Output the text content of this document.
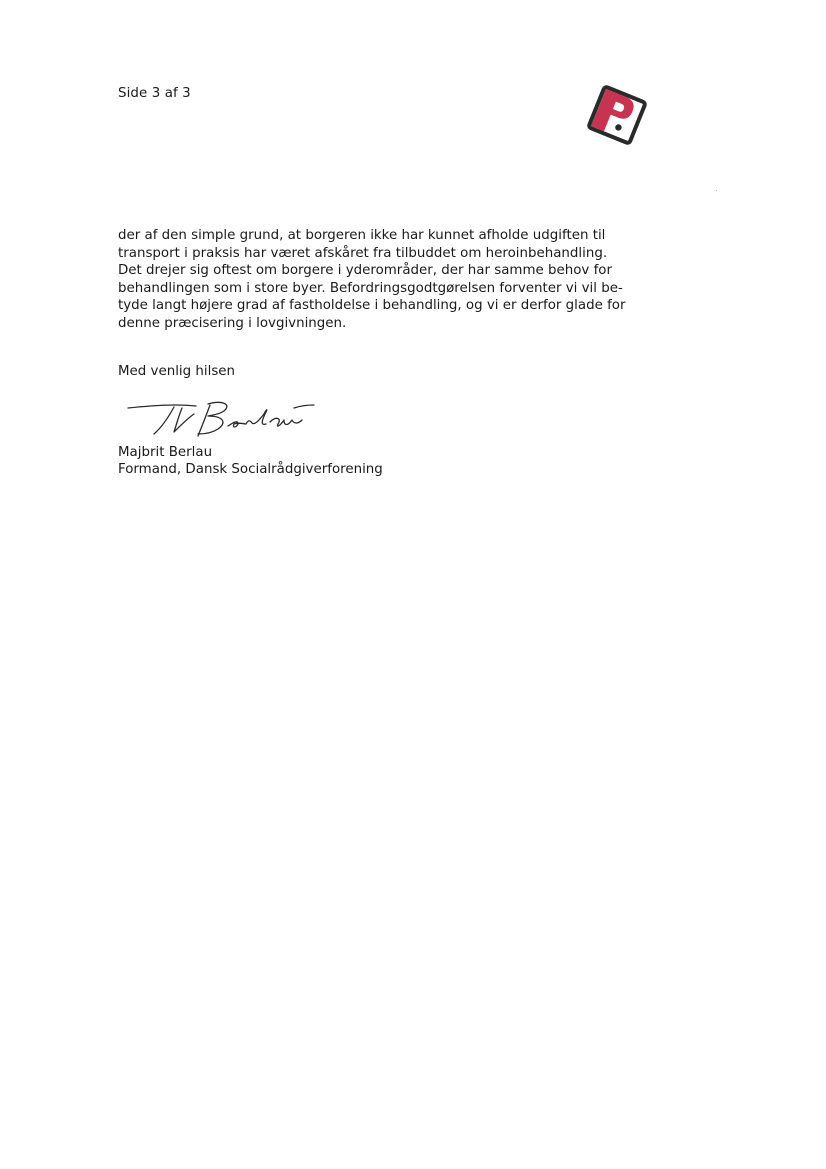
Side 3 af 3
der af den simple grund, at borgeren ikke har kunnet afholde udgiften til
transport i praksis har været afskåret fra tilbuddet om heroinbehandling.
Det drejer sig oftest om borgere i yderområder, der har samme behov for
behandlingen som i store byer. Befordringsgodtgørelsen forventer vi vil be-
tyde langt højere grad af fastholdelse i behandling, og vi er derfor glade for
denne præcisering i lovgivningen.
Med venlig hilsen
Majbrit Berlau
Formand, Dansk Socialrådgiverforening
